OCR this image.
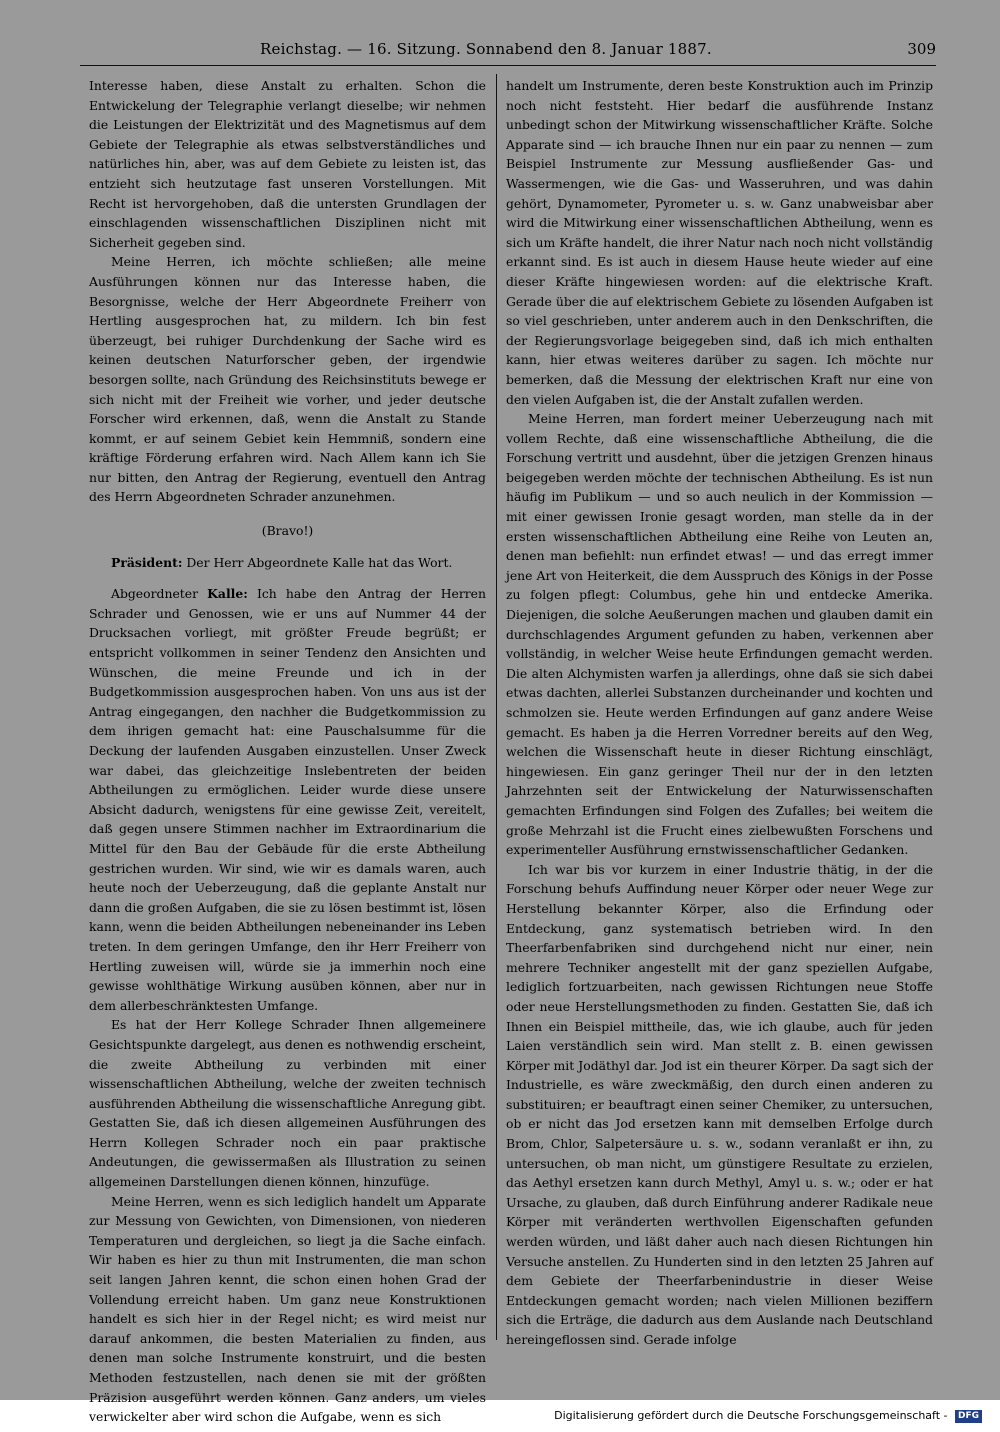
Reichstag. — 16. Sitzung. Sonnabend den 8. Januar 1887.	309

Interesse haben, diese Anstalt zu erhalten. Schon die Entwickelung der Telegraphie verlangt dieselbe; wir nehmen die Leistungen der Elektrizität und des Magnetismus auf dem Gebiete der Telegraphie als etwas selbstverständliches und natürliches hin, aber, was auf dem Gebiete zu leisten ist, das entzieht sich heutzutage fast unseren Vorstellungen. Mit Recht ist hervorgehoben, daß die untersten Grundlagen der einschlagenden wissenschaftlichen Disziplinen nicht mit Sicherheit gegeben sind.

Meine Herren, ich möchte schließen; alle meine Ausführungen können nur das Interesse haben, die Besorgnisse, welche der Herr Abgeordnete Freiherr von Hertling ausgesprochen hat, zu mildern. Ich bin fest überzeugt, bei ruhiger Durchdenkung der Sache wird es keinen deutschen Naturforscher geben, der irgendwie besorgen sollte, nach Gründung des Reichsinstituts bewege er sich nicht mit der Freiheit wie vorher, und jeder deutsche Forscher wird erkennen, daß, wenn die Anstalt zu Stande kommt, er auf seinem Gebiet kein Hemmniß, sondern eine kräftige Förderung erfahren wird. Nach Allem kann ich Sie nur bitten, den Antrag der Regierung, eventuell den Antrag des Herrn Abgeordneten Schrader anzunehmen.

(Bravo!)

Präsident: Der Herr Abgeordnete Kalle hat das Wort.

Abgeordneter Kalle: Ich habe den Antrag der Herren Schrader und Genossen, wie er uns auf Nummer 44 der Drucksachen vorliegt, mit größter Freude begrüßt; er entspricht vollkommen in seiner Tendenz den Ansichten und Wünschen, die meine Freunde und ich in der Budgetkommission ausgesprochen haben. Von uns aus ist der Antrag eingegangen, den nachher die Budgetkommission zu dem ihrigen gemacht hat: eine Pauschalsumme für die Deckung der laufenden Ausgaben einzustellen. Unser Zweck war dabei, das gleichzeitige Inslebentreten der beiden Abtheilungen zu ermöglichen. Leider wurde diese unsere Absicht dadurch, wenigstens für eine gewisse Zeit, vereitelt, daß gegen unsere Stimmen nachher im Extraordinarium die Mittel für den Bau der Gebäude für die erste Abtheilung gestrichen wurden. Wir sind, wie wir es damals waren, auch heute noch der Ueberzeugung, daß die geplante Anstalt nur dann die großen Aufgaben, die sie zu lösen bestimmt ist, lösen kann, wenn die beiden Abtheilungen nebeneinander ins Leben treten. In dem geringen Umfange, den ihr Herr Freiherr von Hertling zuweisen will, würde sie ja immerhin noch eine gewisse wohlthätige Wirkung ausüben können, aber nur in dem allerbeschränktesten Umfange.

Es hat der Herr Kollege Schrader Ihnen allgemeinere Gesichtspunkte dargelegt, aus denen es nothwendig erscheint, die zweite Abtheilung zu verbinden mit einer wissenschaftlichen Abtheilung, welche der zweiten technisch ausführenden Abtheilung die wissenschaftliche Anregung gibt. Gestatten Sie, daß ich diesen allgemeinen Ausführungen des Herrn Kollegen Schrader noch ein paar praktische Andeutungen, die gewissermaßen als Illustration zu seinen allgemeinen Darstellungen dienen können, hinzufüge.

Meine Herren, wenn es sich lediglich handelt um Apparate zur Messung von Gewichten, von Dimensionen, von niederen Temperaturen und dergleichen, so liegt ja die Sache einfach. Wir haben es hier zu thun mit Instrumenten, die man schon seit langen Jahren kennt, die schon einen hohen Grad der Vollendung erreicht haben. Um ganz neue Konstruktionen handelt es sich hier in der Regel nicht; es wird meist nur darauf ankommen, die besten Materialien zu finden, aus denen man solche Instrumente konstruirt, und die besten Methoden festzustellen, nach denen sie mit der größten Präzision ausgeführt werden können. Ganz anders, um vieles verwickelter aber wird schon die Aufgabe, wenn es sich

handelt um Instrumente, deren beste Konstruktion auch im Prinzip noch nicht feststeht. Hier bedarf die ausführende Instanz unbedingt schon der Mitwirkung wissenschaftlicher Kräfte. Solche Apparate sind — ich brauche Ihnen nur ein paar zu nennen — zum Beispiel Instrumente zur Messung ausfließender Gas- und Wassermengen, wie die Gas- und Wasseruhren, und was dahin gehört, Dynamometer, Pyrometer u. s. w. Ganz unabweisbar aber wird die Mitwirkung einer wissenschaftlichen Abtheilung, wenn es sich um Kräfte handelt, die ihrer Natur nach noch nicht vollständig erkannt sind. Es ist auch in diesem Hause heute wieder auf eine dieser Kräfte hingewiesen worden: auf die elektrische Kraft. Gerade über die auf elektrischem Gebiete zu lösenden Aufgaben ist so viel geschrieben, unter anderem auch in den Denkschriften, die der Regierungsvorlage beigegeben sind, daß ich mich enthalten kann, hier etwas weiteres darüber zu sagen. Ich möchte nur bemerken, daß die Messung der elektrischen Kraft nur eine von den vielen Aufgaben ist, die der Anstalt zufallen werden.

Meine Herren, man fordert meiner Ueberzeugung nach mit vollem Rechte, daß eine wissenschaftliche Abtheilung, die die Forschung vertritt und ausdehnt, über die jetzigen Grenzen hinaus beigegeben werden möchte der technischen Abtheilung. Es ist nun häufig im Publikum — und so auch neulich in der Kommission — mit einer gewissen Ironie gesagt worden, man stelle da in der ersten wissenschaftlichen Abtheilung eine Reihe von Leuten an, denen man befiehlt: nun erfindet etwas! — und das erregt immer jene Art von Heiterkeit, die dem Ausspruch des Königs in der Posse zu folgen pflegt: Columbus, gehe hin und entdecke Amerika. Diejenigen, die solche Aeußerungen machen und glauben damit ein durchschlagendes Argument gefunden zu haben, verkennen aber vollständig, in welcher Weise heute Erfindungen gemacht werden. Die alten Alchymisten warfen ja allerdings, ohne daß sie sich dabei etwas dachten, allerlei Substanzen durcheinander und kochten und schmolzen sie. Heute werden Erfindungen auf ganz andere Weise gemacht. Es haben ja die Herren Vorredner bereits auf den Weg, welchen die Wissenschaft heute in dieser Richtung einschlägt, hingewiesen. Ein ganz geringer Theil nur der in den letzten Jahrzehnten seit der Entwickelung der Naturwissenschaften gemachten Erfindungen sind Folgen des Zufalles; bei weitem die große Mehrzahl ist die Frucht eines zielbewußten Forschens und experimenteller Ausführung ernstwissenschaftlicher Gedanken.

Ich war bis vor kurzem in einer Industrie thätig, in der die Forschung behufs Auffindung neuer Körper oder neuer Wege zur Herstellung bekannter Körper, also die Erfindung oder Entdeckung, ganz systematisch betrieben wird. In den Theerfarbenfabriken sind durchgehend nicht nur einer, nein mehrere Techniker angestellt mit der ganz speziellen Aufgabe, lediglich fortzuarbeiten, nach gewissen Richtungen neue Stoffe oder neue Herstellungsmethoden zu finden. Gestatten Sie, daß ich Ihnen ein Beispiel mittheile, das, wie ich glaube, auch für jeden Laien verständlich sein wird. Man stellt z. B. einen gewissen Körper mit Jodäthyl dar. Jod ist ein theurer Körper. Da sagt sich der Industrielle, es wäre zweckmäßig, den durch einen anderen zu substituiren; er beauftragt einen seiner Chemiker, zu untersuchen, ob er nicht das Jod ersetzen kann mit demselben Erfolge durch Brom, Chlor, Salpetersäure u. s. w., sodann veranlaßt er ihn, zu untersuchen, ob man nicht, um günstigere Resultate zu erzielen, das Aethyl ersetzen kann durch Methyl, Amyl u. s. w.; oder er hat Ursache, zu glauben, daß durch Einführung anderer Radikale neue Körper mit veränderten werthvollen Eigenschaften gefunden werden würden, und läßt daher auch nach diesen Richtungen hin Versuche anstellen. Zu Hunderten sind in den letzten 25 Jahren auf dem Gebiete der Theerfarbenindustrie in dieser Weise Entdeckungen gemacht worden; nach vielen Millionen beziffern sich die Erträge, die dadurch aus dem Auslande nach Deutschland hereingeflossen sind. Gerade infolge

Digitalisierung gefördert durch die Deutsche Forschungsgemeinschaft - DFG
